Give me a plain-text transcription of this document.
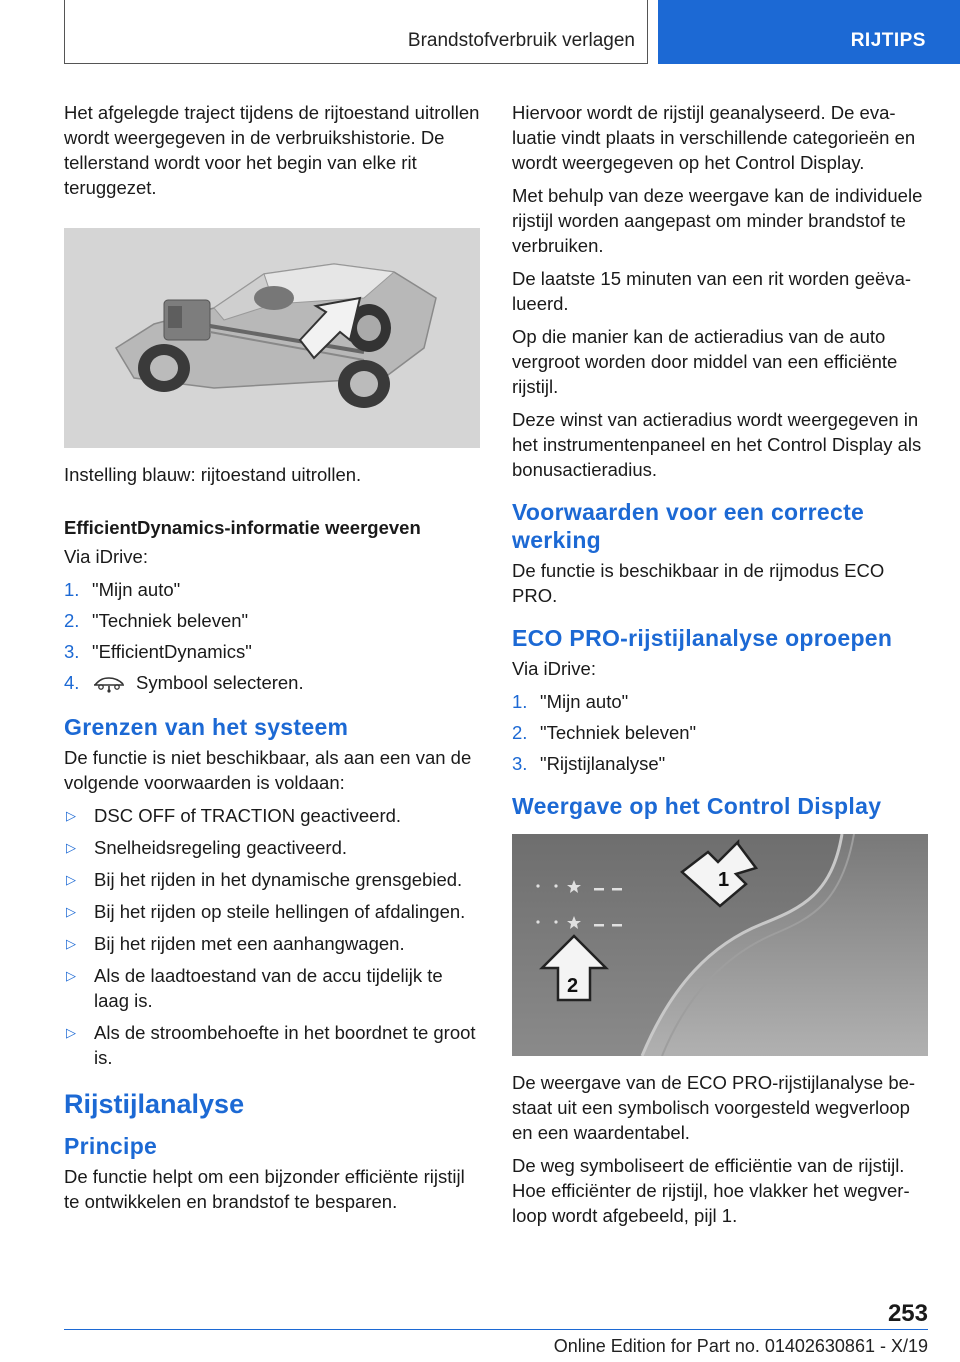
Brandstofverbruik verlagen	RIJTIPS

Het afgelegde traject tijdens de rijtoestand uitrollen wordt weergegeven in de verbruikshistorie. De tellerstand wordt voor het begin van elke rit teruggezet.

Instelling blauw: rijtoestand uitrollen.

EfficientDynamics-informatie weergeven

Via iDrive:

1. "Mijn auto"
2. "Techniek beleven"
3. "EfficientDynamics"
4.	Symbool selecteren.
Grenzen van het systeem

De functie is niet beschikbaar, als aan een van de volgende voorwaarden is voldaan:

▷ DSC OFF of TRACTION geactiveerd.
▷ Snelheidsregeling geactiveerd.
▷ Bij het rijden in het dynamische grensgebied.
▷ Bij het rijden op steile hellingen of afdalingen.
▷ Bij het rijden met een aanhangwagen.
▷ Als de laadtoestand van de accu tijdelijk te laag is.
▷ Als de stroombehoefte in het boordnet te groot is.
Rijstijlanalyse
Principe

De functie helpt om een bijzonder efficiënte rijstijl te ontwikkelen en brandstof te besparen.

Hiervoor wordt de rijstijl geanalyseerd. De evaluatie vindt plaats in verschillende categorieën en wordt weergegeven op het Control Display.

Met behulp van deze weergave kan de individuele rijstijl worden aangepast om minder brandstof te verbruiken.

De laatste 15 minuten van een rit worden geëvalueerd.

Op die manier kan de actieradius van de auto vergroot worden door middel van een efficiënte rijstijl.

Deze winst van actieradius wordt weergegeven in het instrumentenpaneel en het Control Display als bonusactieradius.

Voorwaarden voor een correcte werking

De functie is beschikbaar in de rijmodus ECO PRO.

ECO PRO-rijstijlanalyse oproepen

Via iDrive:

1. "Mijn auto"
2. "Techniek beleven"
3. "Rijstijlanalyse"
Weergave op het Control Display
1
2

De weergave van de ECO PRO-rijstijlanalyse bestaat uit een symbolisch voorgesteld wegverloop en een waardentabel.

De weg symboliseert de efficiëntie van de rijstijl. Hoe efficiënter de rijstijl, hoe vlakker het wegverloop wordt afgebeeld, pijl 1.

253
Online Edition for Part no. 01402630861 - X/19
